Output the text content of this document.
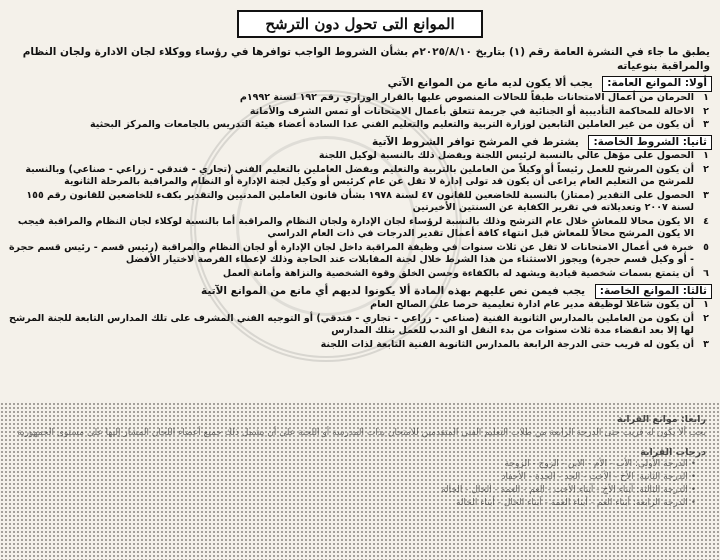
الموانع التى تحول دون الترشح
يطبق ما جاء في النشرة العامة رقم (١) بتاريخ ٢٠٢٥/٨/١٠م بشأن الشروط الواجب توافرها في رؤساء ووكلاء لجان الادارة ولجان النظام والمراقبة بنوعياته
أولا: الموانع العامة: يجب ألا يكون لديه مانع من الموانع الآتي
١
الحرمان من أعمال الامتحانات طبقاً للحالات المنصوص عليها بالقرار الوزاري رقم ١٩٢ لسنة ١٩٩٢م
٢
الاحالة للمحاكمة التأديبية أو الجنائية في جريمة تتعلق بأعمال الامتحانات أو تمس الشرف والأمانة
٣
أن يكون من غير العاملين التابعين لوزارة التربية والتعليم والتعليم الفني عدا السادة أعضاء هيئة التدريس بالجامعات والمركز البحثية
ثانيا: الشروط الخاصة: يشترط في المرشح توافر الشروط الآتية
١
الحصول على مؤهل عالي بالنسبة لرئيس اللجنة ويفضل ذلك بالنسبة لوكيل اللجنة
٢
أن يكون المرشح للعمل رئيساً أو وكيلاً من العاملين بالتربية والتعليم ويفضل العاملين بالتعليم الفني (تجاري - فندقي - زراعي - صناعي) وبالنسبة للمرشح من التعليم العام يراعى أن يكون قد تولى إدارة لا تقل عن عام كرئيس أو وكيل لجنة الإدارة أو النظام والمراقبة بالمرحلة الثانوية
٣
الحصول على التقدير (ممتاز) بالنسبة للخاضعين للقانون ٤٧ لسنة ١٩٧٨ بشأن قانون العاملين المدنيين والتقدير بكفء للخاضعين للقانون رقم ١٥٥ لسنة ٢٠٠٧ وتعديلاته في تقرير الكفاية عن السنتين الأخيرتين
٤
الا يكون محالا للمعاش خلال عام الترشح وذلك بالنسبة لرؤساء لجان الإدارة ولجان النظام والمراقبة أما بالنسبة لوكلاء لجان النظام والمراقبة فيجب الا يكون المرشح محالاً للمعاش قبل انتهاء كافة أعمال تقدير الدرجات في ذات العام الدراسي
٥
خبرة في أعمال الامتحانات لا تقل عن ثلاث سنوات في وظيفة المراقبة داخل لجان الإدارة أو لجان النظام والمراقبة (رئيس قسم - رئيس قسم حجرة - أو وكيل قسم حجرة) ويجوز الاستثناء من هذا الشرط خلال لجنة المقابلات عند الحاجة وذلك لإعطاء الفرصة لاختيار الأفضل
٦
أن يتمتع بسمات شخصية قيادية ويشهد له بالكفاءة وحسن الخلق وقوة الشخصية والنزاهة وأمانة العمل
ثالثا: الموانع الخاصة: يجب فيمن نص عليهم بهذه المادة ألا يكونوا لديهم أي مانع من الموانع الآتية
١
أن يكون شاغلا لوظيفة مدير عام ادارة تعليمية حرصا على الصالح العام
٢
أن يكون من العاملين بالمدارس الثانوية الفنية (صناعي - زراعي - تجاري - فندقي) أو التوجيه الفني المشرف على تلك المدارس التابعة للجنة المرشح لها إلا بعد انقضاء مدة ثلاث سنوات من بدء النقل او الندب للعمل بتلك المدارس
٣
أن يكون له قريب حتى الدرجة الرابعة بالمدارس الثانوية الفنية التابعة لذات اللجنة
رابعا: موانع القرابة
يجب ألا يكون له قريب حتى الدرجة الرابعة من طلاب التعليم الفني المتقدمين للامتحان بذات المدرسة أو اللجنة على أن يشمل ذلك جميع أعضاء اللجان المشار إليها على مستوى الجمهورية
درجات القرابة
• الدرجة الأولى: الأب - الأم - الابن - الزوج - الزوجة
• الدرجة الثانية: الأخ - الأخت - الجد - الجدة - الأحفاد
• الدرجة الثالثة: أبناء الأخ - أبناء الأخت - العم - العمة - الخال - الخالة
• الدرجة الرابعة: أبناء العم - أبناء العمة - أبناء الخال - أبناء الخالة
